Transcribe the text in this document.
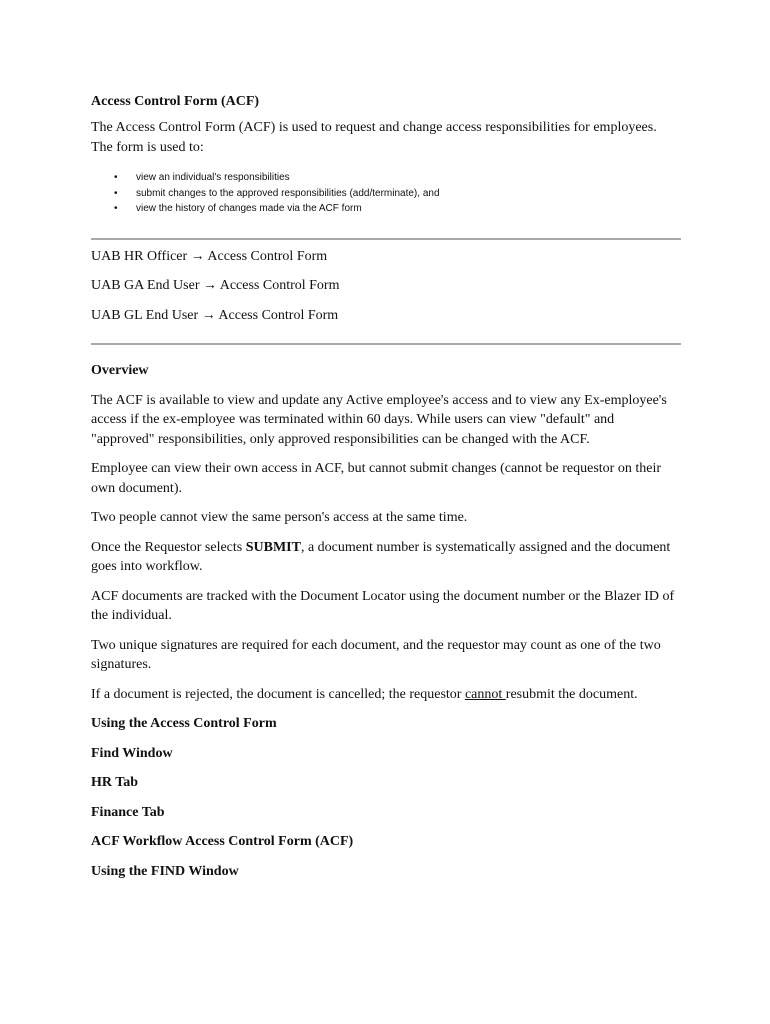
Access Control Form (ACF)

The Access Control Form (ACF) is used to request and change access responsibilities for employees. The form is used to:

• view an individual's responsibilities
• submit changes to the approved responsibilities (add/terminate), and
• view the history of changes made via the ACF form

UAB HR Officer → Access Control Form

UAB GA End User → Access Control Form

UAB GL End User → Access Control Form

Overview

The ACF is available to view and update any Active employee's access and to view any Ex-employee's access if the ex-employee was terminated within 60 days. While users can view "default" and "approved" responsibilities, only approved responsibilities can be changed with the ACF.

Employee can view their own access in ACF, but cannot submit changes (cannot be requestor on their own document).

Two people cannot view the same person's access at the same time.

Once the Requestor selects SUBMIT, a document number is systematically assigned and the document goes into workflow.

ACF documents are tracked with the Document Locator using the document number or the Blazer ID of the individual.

Two unique signatures are required for each document, and the requestor may count as one of the two signatures.

If a document is rejected, the document is cancelled; the requestor cannot resubmit the document.

Using the Access Control Form
Find Window
HR Tab
Finance Tab
ACF Workflow Access Control Form (ACF)
Using the FIND Window
